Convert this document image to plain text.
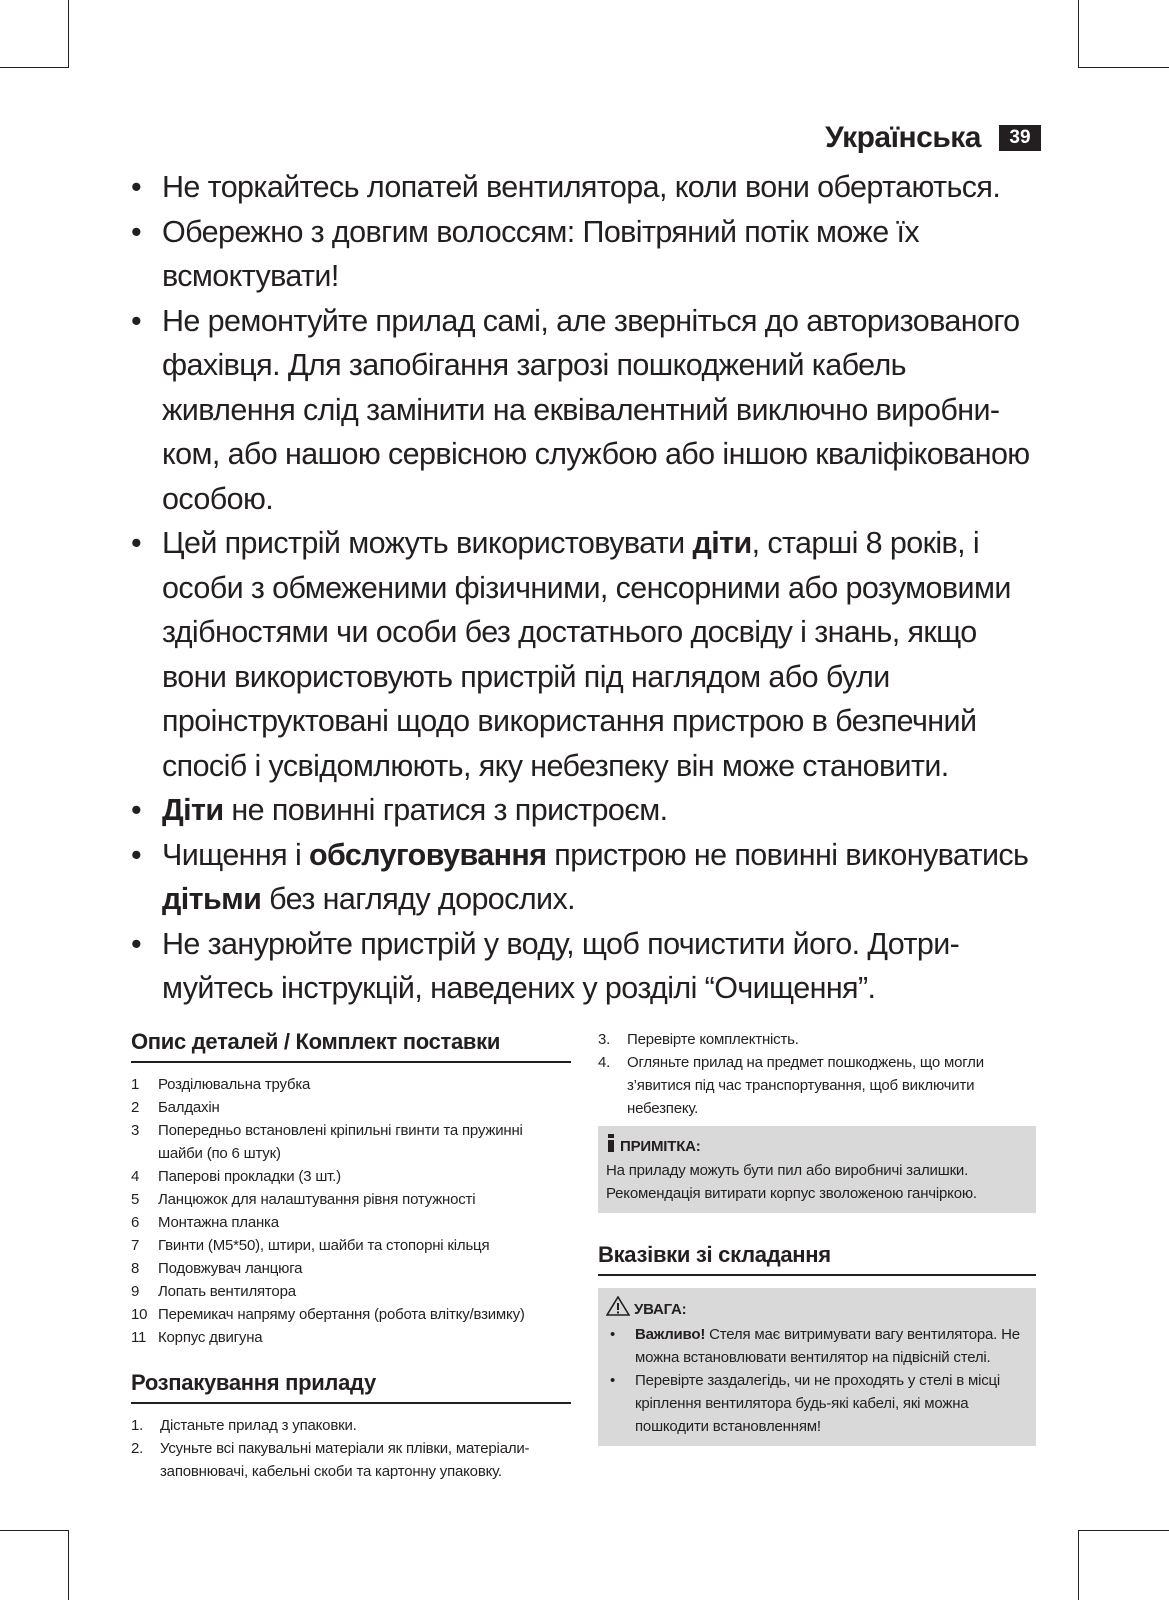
Українська	39
• Не торкайтесь лопатей вентилятора, коли вони обертаються.
• Обережно з довгим волоссям: Повітряний потік може їх всмоктувати!
• Не ремонтуйте прилад самі, але зверніться до авторизованого фахівця. Для запобігання загрозі пошкоджений кабель живлення слід замінити на еквівалентний виключно виробником, або нашою сервісною службою або іншою кваліфікованою особою.
• Цей пристрій можуть використовувати діти, старші 8 років, і особи з обмеженими фізичними, сенсорними або розумовими здібностями чи особи без достатнього досвіду і знань, якщо вони використовують пристрій під наглядом або були проінструктовані щодо використання пристрою в безпечний спосіб і усвідомлюють, яку небезпеку він може становити.
• Діти не повинні гратися з пристроєм.
• Чищення і обслуговування пристрою не повинні виконуватись дітьми без нагляду дорослих.
• Не занурюйте пристрій у воду, щоб почистити його. Дотримуйтесь інструкцій, наведених у розділі “Очищення”.
Опис деталей / Комплект поставки
1	Розділювальна трубка
2	Балдахін
3	Попередньо встановлені кріпильні гвинти та пружинні шайби (по 6 штук)
4	Паперові прокладки (3 шт.)
5	Ланцюжок для налаштування рівня потужності
6	Монтажна планка
7	Гвинти (M5*50), штири, шайби та стопорні кільця
8	Подовжувач ланцюга
9	Лопать вентилятора
10 Перемикач напряму обертання (робота влітку/взимку)
11 Корпус двигуна
Розпакування приладу
1.	Дістаньте прилад з упаковки.
2.	Усуньте всі пакувальні матеріали як плівки, матеріали-заповнювачі, кабельні скоби та картонну упаковку.
3.	Перевірте комплектність.
4.	Огляньте прилад на предмет пошкоджень, що могли з’явитися під час транспортування, щоб виключити небезпеку.
ПРИМІТКА:
На приладу можуть бути пил або виробничі залишки. Рекомендація витирати корпус зволоженою ганчіркою.
Вказівки зі складання
УВАГА:
•	Важливо! Стеля має витримувати вагу вентилятора. Не можна встановлювати вентилятор на підвісній стелі.
•	Перевірте заздалегідь, чи не проходять у стелі в місці кріплення вентилятора будь-які кабелі, які можна пошкодити встановленням!
